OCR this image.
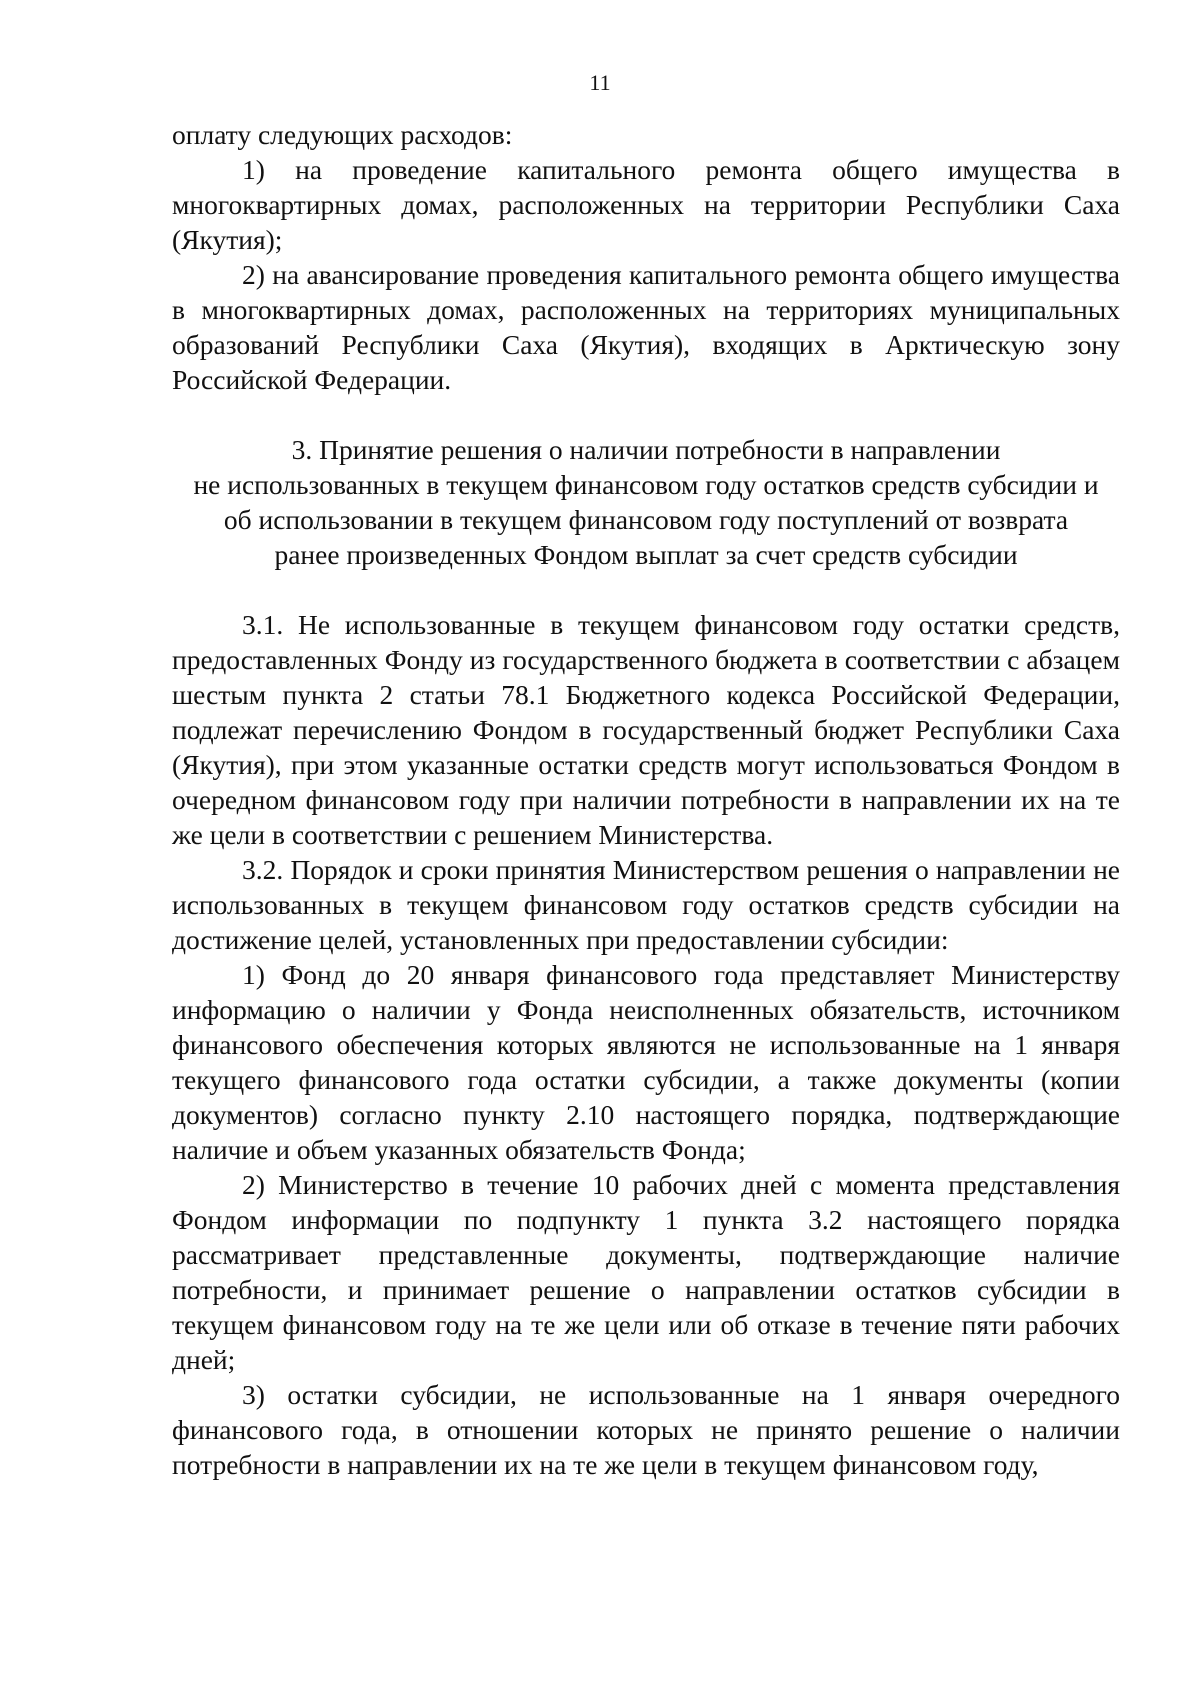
11

оплату следующих расходов:

1) на проведение капитального ремонта общего имущества в многоквартирных домах, расположенных на территории Республики Саха (Якутия);

2) на авансирование проведения капитального ремонта общего имущества в многоквартирных домах, расположенных на территориях муниципальных образований Республики Саха (Якутия), входящих в Арктическую зону Российской Федерации.

3. Принятие решения о наличии потребности в направлении
не использованных в текущем финансовом году остатков средств субсидии и
об использовании в текущем финансовом году поступлений от возврата
ранее произведенных Фондом выплат за счет средств субсидии

3.1. Не использованные в текущем финансовом году остатки средств, предоставленных Фонду из государственного бюджета в соответствии с абзацем шестым пункта 2 статьи 78.1 Бюджетного кодекса Российской Федерации, подлежат перечислению Фондом в государственный бюджет Республики Саха (Якутия), при этом указанные остатки средств могут использоваться Фондом в очередном финансовом году при наличии потребности в направлении их на те же цели в соответствии с решением Министерства.

3.2. Порядок и сроки принятия Министерством решения о направлении не использованных в текущем финансовом году остатков средств субсидии на достижение целей, установленных при предоставлении субсидии:

1) Фонд до 20 января финансового года представляет Министерству информацию о наличии у Фонда неисполненных обязательств, источником финансового обеспечения которых являются не использованные на 1 января текущего финансового года остатки субсидии, а также документы (копии документов) согласно пункту 2.10 настоящего порядка, подтверждающие наличие и объем указанных обязательств Фонда;

2) Министерство в течение 10 рабочих дней с момента представления Фондом информации по подпункту 1 пункта 3.2 настоящего порядка рассматривает представленные документы, подтверждающие наличие потребности, и принимает решение о направлении остатков субсидии в текущем финансовом году на те же цели или об отказе в течение пяти рабочих дней;

3) остатки субсидии, не использованные на 1 января очередного финансового года, в отношении которых не принято решение о наличии потребности в направлении их на те же цели в текущем финансовом году,
